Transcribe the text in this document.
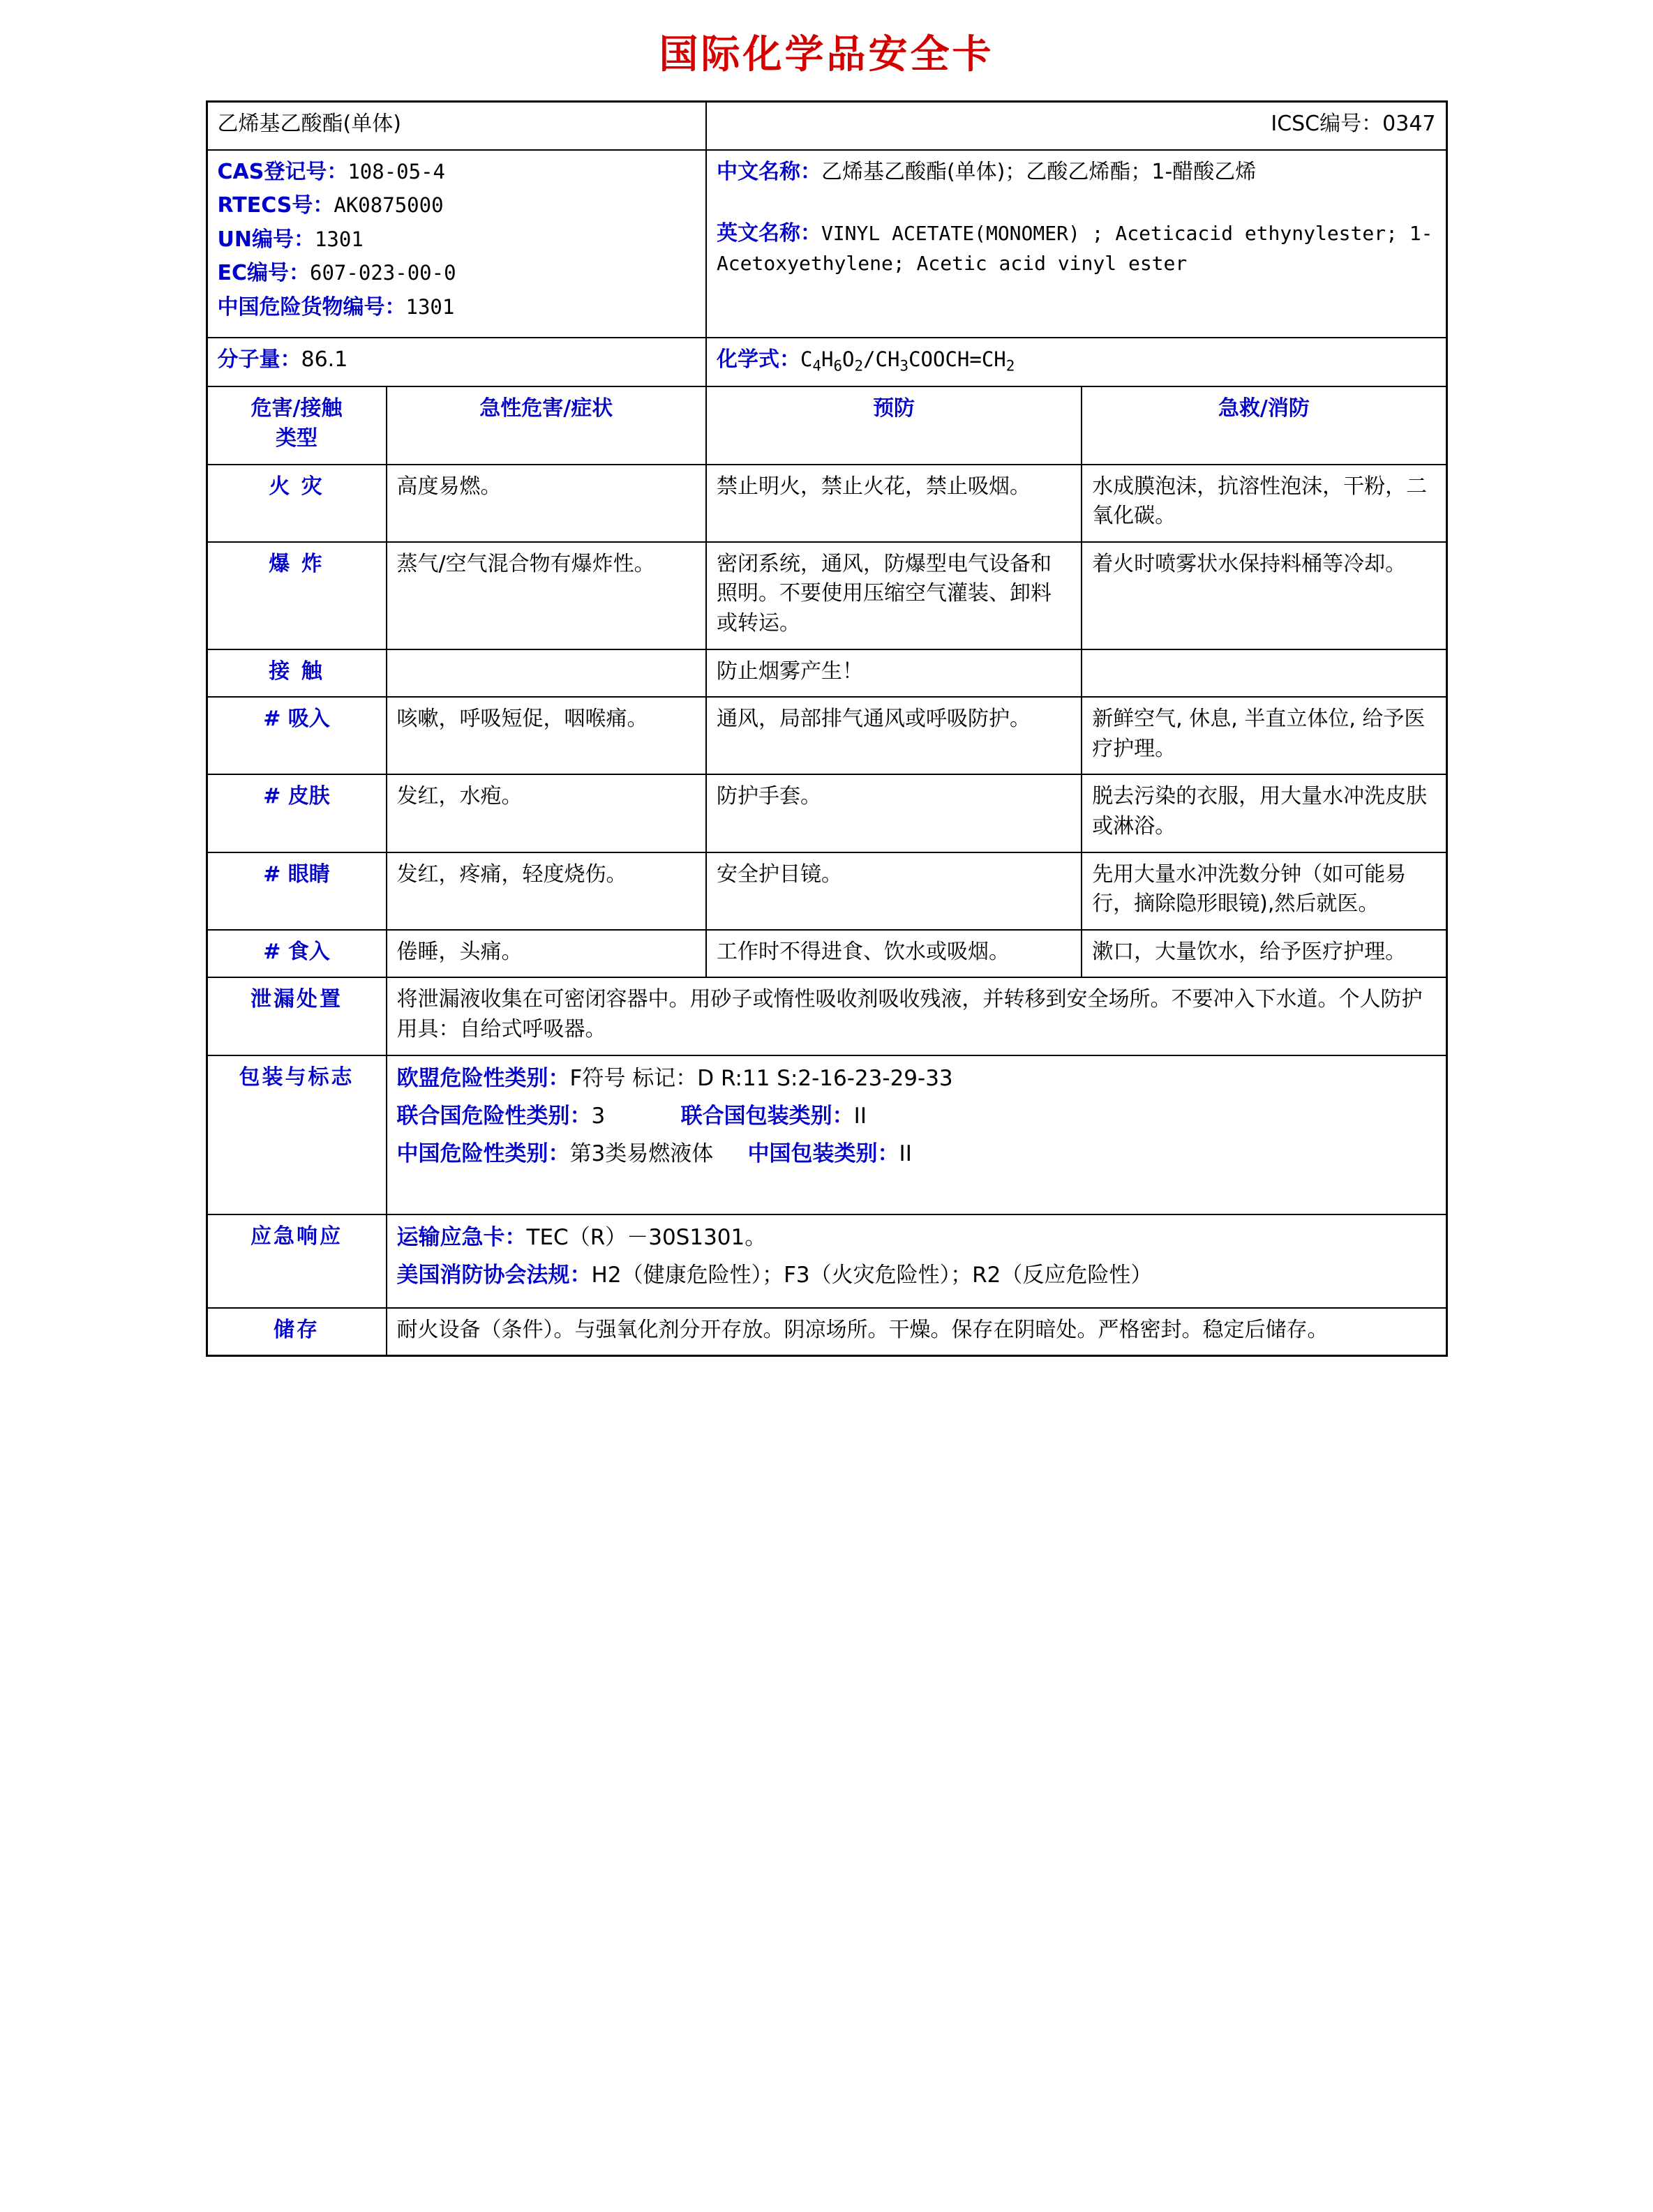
国际化学品安全卡
乙烯基乙酸酯(单体)		ICSC编号：0347	

CAS登记号：108-05-4

RTECS号：AK0875000

UN编号：1301

EC编号：607-023-00-0

中国危险货物编号：1301

中文名称：乙烯基乙酸酯(单体)；乙酸乙烯酯；1-醋酸乙烯

英文名称：VINYL ACETATE(MONOMER) ; Aceticacid ethynylester; 1-Acetoxyethylene; Acetic acid vinyl ester

分子量：86.1		化学式：$C_4H_6O_2/CH_3COOCH=CH_2$

危害/接触
类型	急性危害/症状	预防	急救/消防
火 灾	高度易燃。	禁止明火，禁止火花，禁止吸烟。	水成膜泡沫，抗溶性泡沫，干粉，二氧化碳。
爆 炸	蒸气/空气混合物有爆炸性。	密闭系统，通风，防爆型电气设备和照明。不要使用压缩空气灌装、卸料或转运。	着火时喷雾状水保持料桶等冷却。
接 触		防止烟雾产生！	
# 吸入	咳嗽，呼吸短促，咽喉痛。	通风，局部排气通风或呼吸防护。	新鲜空气, 休息, 半直立体位, 给予医疗护理。
# 皮肤	发红，水疱。	防护手套。	脱去污染的衣服，用大量水冲洗皮肤或淋浴。
# 眼睛	发红，疼痛，轻度烧伤。	安全护目镜。	先用大量水冲洗数分钟（如可能易行，摘除隐形眼镜),然后就医。
# 食入	倦睡，头痛。	工作时不得进食、饮水或吸烟。	漱口，大量饮水，给予医疗护理。
泄漏处置	将泄漏液收集在可密闭容器中。用砂子或惰性吸收剂吸收残液，并转移到安全场所。不要冲入下水道。个人防护用具：自给式呼吸器。		
包装与标志	欧盟危险性类别：F符号 标记：D R:11 S:2-16-23-29-33

联合国危险性类别：3 联合国包装类别：II

中国危险性类别：第3类易燃液体 中国包装类别：II		

应急响应	运输应急卡：TEC（R）－30S1301。

美国消防协会法规：H2（健康危险性）；F3（火灾危险性）；R2（反应危险性）		

储存	耐火设备（条件）。与强氧化剂分开存放。阴凉场所。干燥。保存在阴暗处。严格密封。稳定后储存。		
